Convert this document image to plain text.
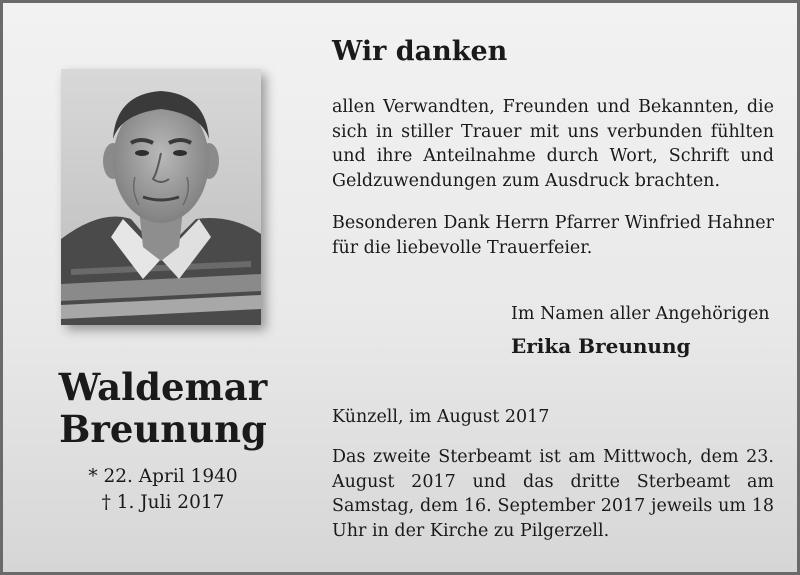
Waldemar
Breunung
* 22. April 1940
† 1. Juli 2017
Wir danken

allen Verwandten, Freunden und Bekannten, die sich in stiller Trauer mit uns verbunden fühlten und ihre Anteilnahme durch Wort, Schrift und Geldzuwendungen zum Ausdruck brachten.

Besonderen Dank Herrn Pfarrer Winfried Hahner für die liebevolle Trauerfeier.

Im Namen aller Angehörigen
Erika Breunung
Künzell, im August 2017

Das zweite Sterbeamt ist am Mittwoch, dem 23. August 2017 und das dritte Sterbeamt am Samstag, dem 16. September 2017 jeweils um 18 Uhr in der Kirche zu Pilgerzell.
